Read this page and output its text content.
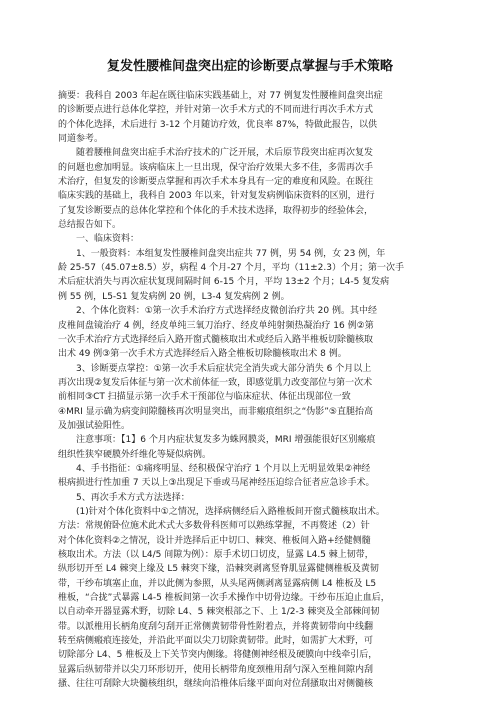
复发性腰椎间盘突出症的诊断要点掌握与手术策略
摘要：我科自 2003 年起在既往临床实践基础上，对 77 例复发性腰椎间盘突出症
的诊断要点进行总体化掌控，并针对第一次手术方式的不同而进行再次手术方式
的个体化选择，术后进行 3-12 个月随访疗效，优良率 87%，特做此报告，以供
同道参考。
　　随着腰椎间盘突出症手术治疗技术的广泛开展，术后原节段突出症再次复发
的问题也愈加明显。该病临床上一旦出现，保守治疗效果大多不佳，多需再次手
术治疗，但复发的诊断要点掌握和再次手术本身具有一定的难度和风险。在既往
临床实践的基础上，我科自 2003 年以来，针对复发病例临床资料的区别，进行
了复发诊断要点的总体化掌控和个体化的手术技术选择，取得初步的经验体会，
总结报告如下。
　　一、临床资料：
　　1、一般资料：本组复发性腰椎间盘突出症共 77 例，男 54 例，女 23 例，年
龄 25-57（45.07±8.5）岁，病程 4 个月-27 个月，平均（11±2.3）个月；第一次手
术后症状消失与再次症状复现间隔时间 6-15 个月，平均 13±2 个月；L4-5 复发病
例 55 例，L5-S1 复发病例 20 例，L3-4 复发病例 2 例。
　　2、个体化资料：①第一次手术治疗方式选择经皮微创治疗共 20 例。其中经
皮椎间盘镜治疗 4 例，经皮单纯三氧刀治疗、经皮单纯射频热凝治疗 16 例②第
一次手术治疗方式选择经后入路开窗式髓核取出术或经后入路半椎板切除髓核取
出术 49 例③第一次手术方式选择经后入路全椎板切除髓核取出术 8 例。
　　3、诊断要点掌控：①第一次手术后症状完全消失或大部分消失 6 个月以上
再次出现②复发后体征与第一次术前体征一致，即感觉肌力改变部位与第一次术
前相同③CT 扫描显示第一次手术干预部位与临床症状、体征出现部位一致
④MRI 显示确为病变间隙髓核再次明显突出，而非瘢痕组织之“伪影”⑤直腿抬高
及加强试验阳性。
　　注意事项：【1】6 个月内症状复发多为蛛网膜炎，MRI 增强能很好区别瘢痕
组织性狭窄硬膜外纤维化等疑似病例。
　　4、手书指征：①痛疼明显、经积极保守治疗 1 个月以上无明显效果②神经
根病损进行性加重 7 天以上③出现足下垂或马尾神经压迫综合征者应急诊手术。
　　5、再次手术方式方法选择：
　　(1)针对个体化资料中①之情况，选择病侧经后入路椎板间开窗式髓核取出术。
方法：常规俯卧位施术此术式大多数骨科医师可以熟练掌握，不再赘述（2）针
对个体化资料②之情况，设计并选择后正中切口、棘突、椎板间入路+经健侧髓
核取出术。方法（以 L4/5 间隙为例）：原手术切口切皮，显露 L4.5 棘上韧带，
纵形切开至 L4 棘突上缘及 L5 棘突下缘，沿棘突剥离竖脊肌显露健侧椎板及黄韧
带，干纱布填塞止血，并以此侧为参照，从头尾两侧剥离显露病侧 L4 椎板及 L5
椎板，“合拢”式暴露 L4-5 椎板间第一次手术操作中切骨边缘。干纱布压迫止血后，
以自动牵开器显露术野，切除 L4、5 棘突根部之下、上 1/2-3 棘突及全部棘间韧
带。以派椎用长柄角度刮匀刮开正常侧黄韧带骨性附着点，并将黄韧带向中线翻
转至病侧瘢痕连接处，并沿此平面以尖刀切除黄韧带。此时，如需扩大术野，可
切除部分 L4、5 椎板及上下关节突内侧缘。将健侧神经根及硬膜向中线牵引后，
显露后纵韧带并以尖刀环形切开，使用长柄带角度颈椎用刮勺深入至椎间隙内刮
搔、往往可刮除大块髓核组织，继续向沿椎体后缘平面向对位刮搔取出对侧髓核
